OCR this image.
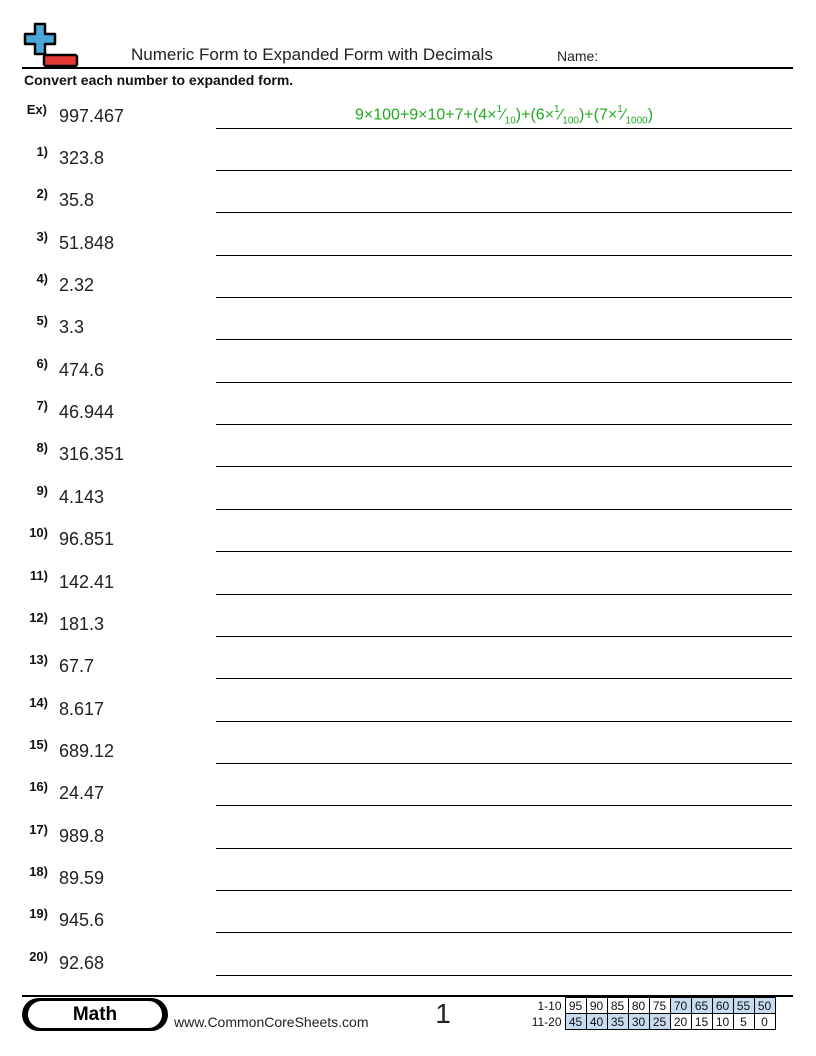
Numeric Form to Expanded Form with Decimals	Name:
Convert each number to expanded form.
Ex) 997.467	$9\times 100+9\times 10+7+(4\times^1⁄_{10})+(6\times^1⁄_{100})+(7\times^1⁄_{1000})$
1) 323.8
2) 35.8
3) 51.848
4) 2.32
5) 3.3
6) 474.6
7) 46.944
8) 316.351
9) 4.143
10) 96.851
11) 142.41
12) 181.3
13) 67.7
14) 8.617
15) 689.12
16) 24.47
17) 989.8
18) 89.59
19) 945.6
20) 92.68
Math	www.CommonCoreSheets.com 1	1-10	95	90	85	80	75	70	65	60	55	50
11-20	45	40	35	30	25	20	15	10	5	0
